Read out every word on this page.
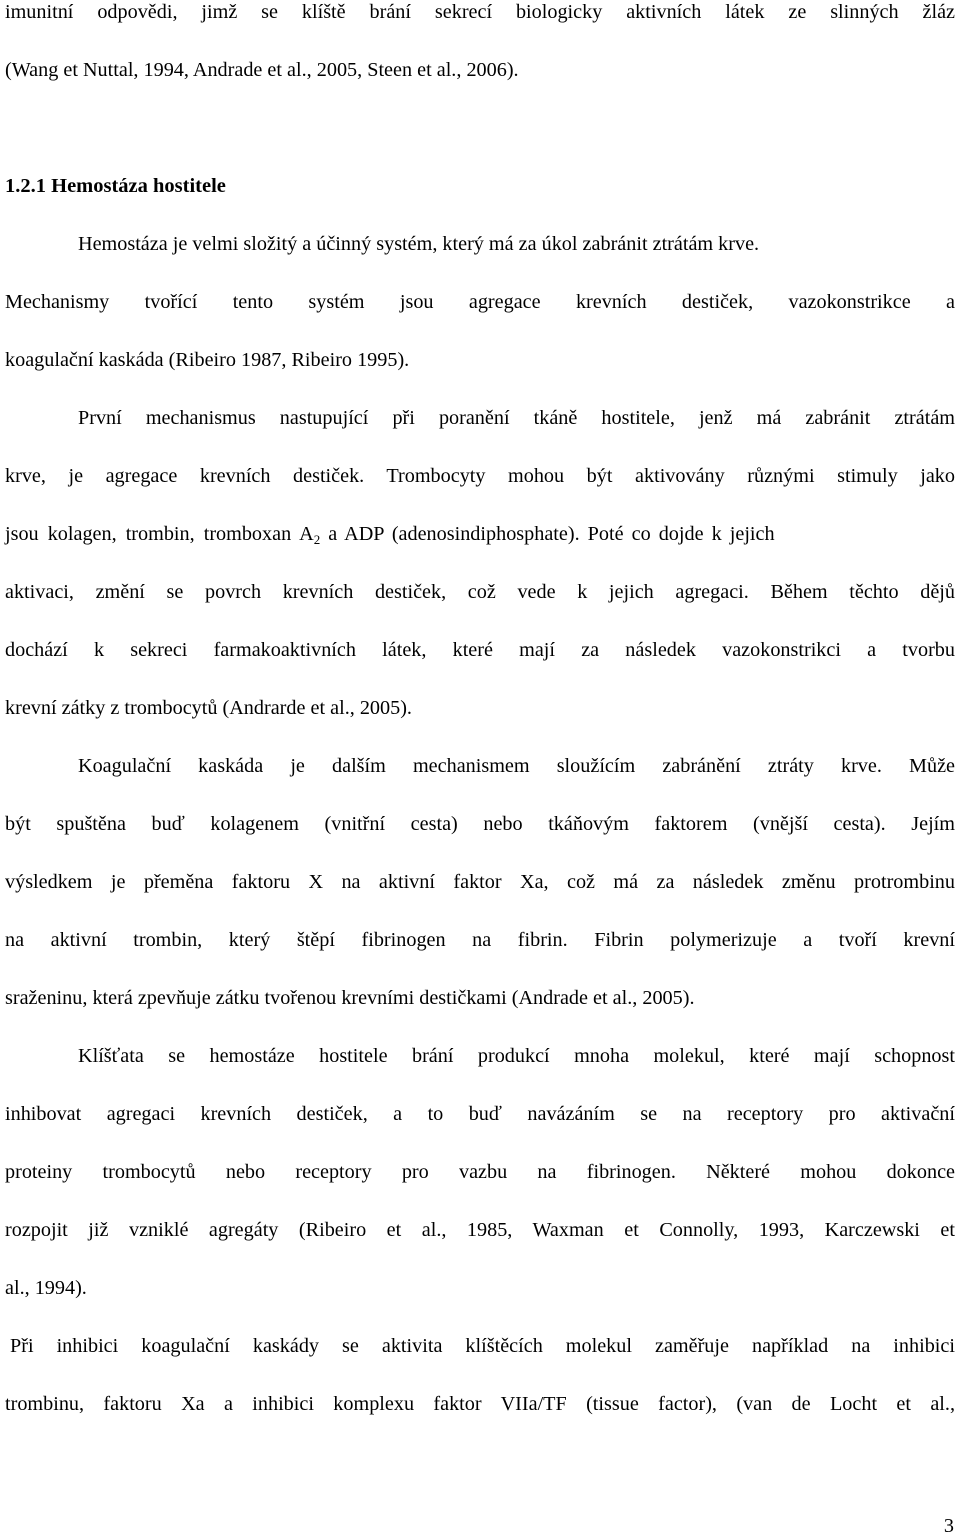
imunitní odpovědi, jimž se klíště brání sekrecí biologicky aktivních látek ze slinných žláz
(Wang et Nuttal, 1994, Andrade et al., 2005, Steen et al., 2006).
1.2.1 Hemostáza hostitele
Hemostáza je velmi složitý a účinný systém, který má za úkol zabránit ztrátám krve.
Mechanismy tvořící tento systém jsou agregace krevních destiček, vazokonstrikce a
koagulační kaskáda (Ribeiro 1987, Ribeiro 1995).
První mechanismus nastupující při poranění tkáně hostitele, jenž má zabránit ztrátám
krve, je agregace krevních destiček. Trombocyty mohou být aktivovány různými stimuly jako
jsou kolagen, trombin, tromboxan $A_2$ a ADP (adenosindiphosphate). Poté co dojde k jejich
aktivaci, změní se povrch krevních destiček, což vede k jejich agregaci. Během těchto dějů
dochází k sekreci farmakoaktivních látek, které mají za následek vazokonstrikci a tvorbu
krevní zátky z trombocytů (Andrarde et al., 2005).
Koagulační kaskáda je dalším mechanismem sloužícím zabránění ztráty krve. Může
být spuštěna buď kolagenem (vnitřní cesta) nebo tkáňovým faktorem (vnější cesta). Jejím
výsledkem je přeměna faktoru X na aktivní faktor Xa, což má za následek změnu protrombinu
na aktivní trombin, který štěpí fibrinogen na fibrin. Fibrin polymerizuje a tvoří krevní
sraženinu, která zpevňuje zátku tvořenou krevními destičkami (Andrade et al., 2005).
Klíšťata se hemostáze hostitele brání produkcí mnoha molekul, které mají schopnost
inhibovat agregaci krevních destiček, a to buď navázáním se na receptory pro aktivační
proteiny trombocytů nebo receptory pro vazbu na fibrinogen. Některé mohou dokonce
rozpojit již vzniklé agregáty (Ribeiro et al., 1985, Waxman et Connolly, 1993, Karczewski et
al., 1994).
Při inhibici koagulační kaskády se aktivita klíštěcích molekul zaměřuje například na inhibici
trombinu, faktoru Xa a inhibici komplexu faktor VIIa/TF (tissue factor), (van de Locht et al.,
3
